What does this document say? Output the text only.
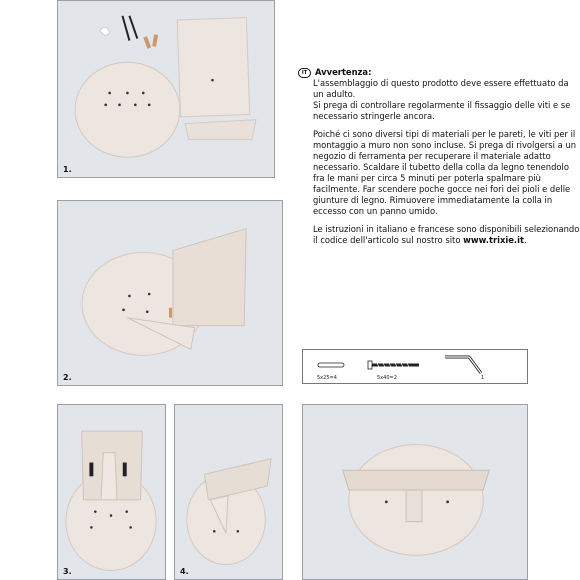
1.
2.
3.	4.
IT Avvertenza:
L'assemblaggio di questo prodotto deve essere effettuato da
un adulto.
Si prega di controllare regolarmente il fissaggio delle viti e se
necessario stringerle ancora.
Poiché ci sono diversi tipi di materiali per le pareti, le viti per il
montaggio a muro non sono incluse. Si prega di rivolgersi a un
negozio di ferramenta per recuperare il materiale adatto
necessario. Scaldare il tubetto della colla da legno tenendolo
fra le mani per circa 5 minuti per poterla spalmare più
facilmente. Far scendere poche gocce nei fori dei pioli e delle
giunture di legno. Rimuovere immediatamente la colla in
eccesso con un panno umido.
Le istruzioni in italiano e francese sono disponibili selezionando
il codice dell'articolo sul nostro sito www.trixie.it.
5x25=4	5x40=2	1
